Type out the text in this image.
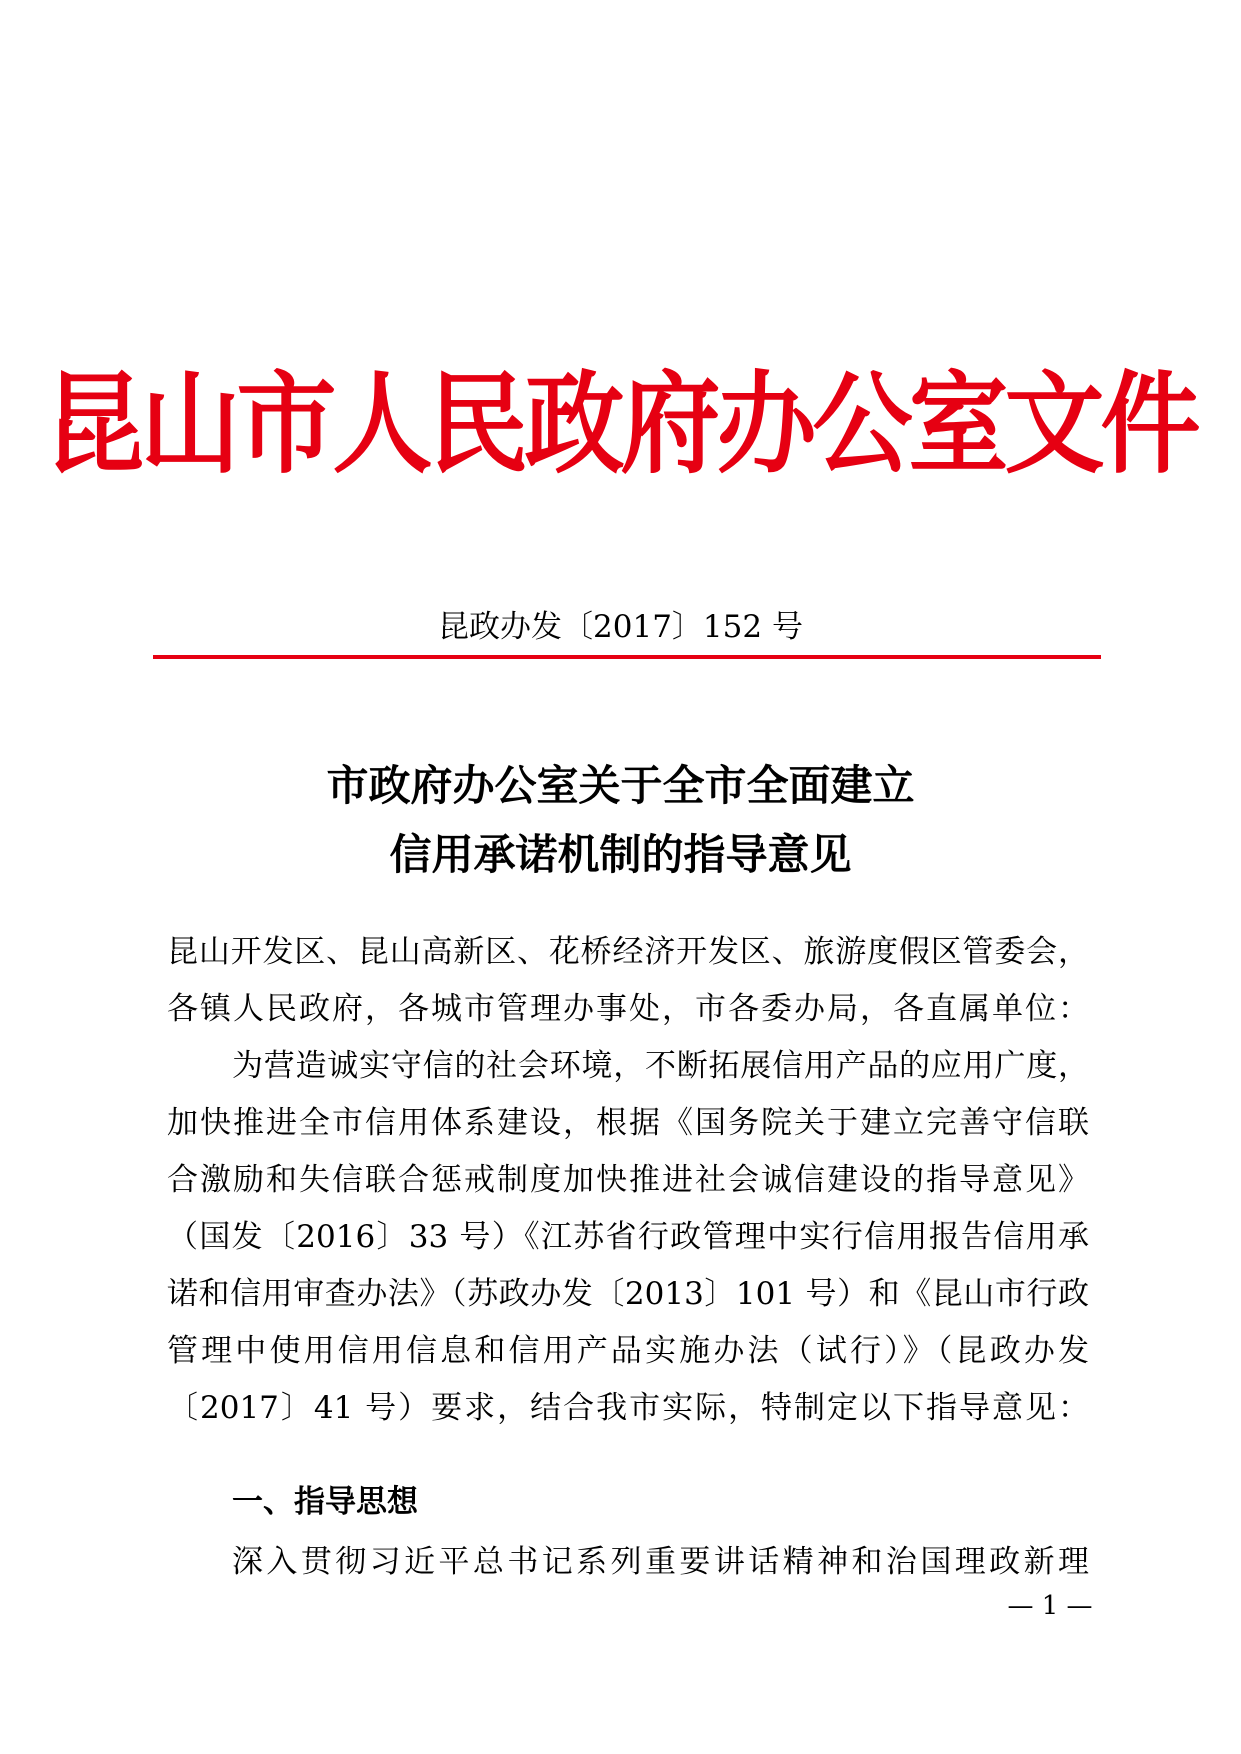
昆山市人民政府办公室文件
昆政办发〔2017〕152 号
市政府办公室关于全市全面建立
信用承诺机制的指导意见
昆山开发区、昆山高新区、花桥经济开发区、旅游度假区管委会，
各镇人民政府，各城市管理办事处，市各委办局，各直属单位：
为营造诚实守信的社会环境，不断拓展信用产品的应用广度，
加快推进全市信用体系建设，根据《国务院关于建立完善守信联
合激励和失信联合惩戒制度加快推进社会诚信建设的指导意见》
（国发〔2016〕33 号）《江苏省行政管理中实行信用报告信用承
诺和信用审查办法》（苏政办发〔2013〕101 号）和《昆山市行政
管理中使用信用信息和信用产品实施办法（试行）》（昆政办发
〔2017〕41 号）要求，结合我市实际，特制定以下指导意见：
一、指导思想
深入贯彻习近平总书记系列重要讲话精神和治国理政新理
— 1 —
